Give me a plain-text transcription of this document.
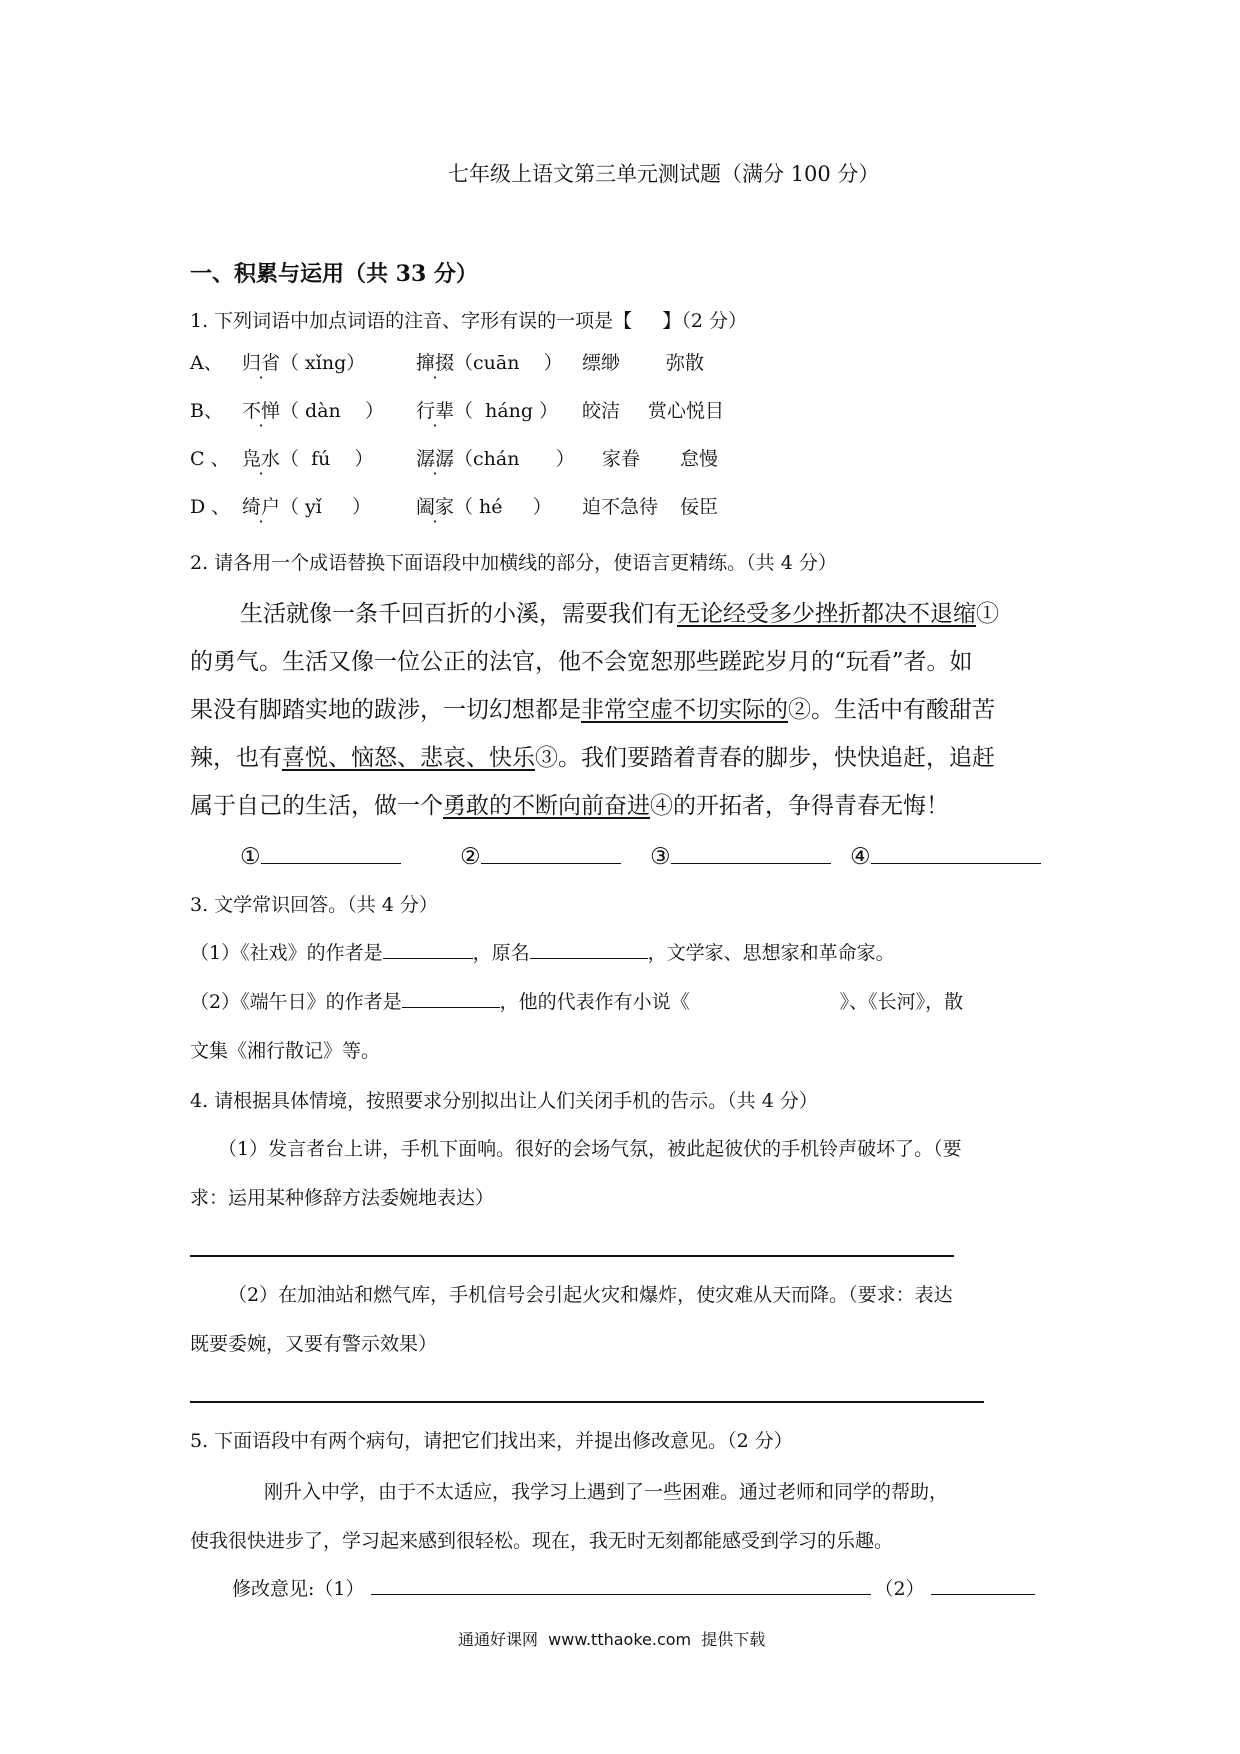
七年级上语文第三单元测试题（满分 100 分）
一、积累与运用（共 33 分）
1. 下列词语中加点词语的注音、字形有误的一项是【     】（2 分）
A、 归省（ xǐng）	撺掇（cuān    ） 缥缈 弥散
B、 不惮（ dàn    ） 行辈（  háng ） 皎洁 赏心悦目
C 、 凫水（  fú    ） 潺潺（chán      ） 家眷 怠慢
D 、 绮户（ yǐ     ） 阖家（ hé     ） 迫不急待 佞臣
2. 请各用一个成语替换下面语段中加横线的部分，使语言更精练。（共 4 分）
生活就像一条千回百折的小溪，需要我们有无论经受多少挫折都决不退缩①
的勇气。生活又像一位公正的法官，他不会宽恕那些蹉跎岁月的“玩看”者。如
果没有脚踏实地的跋涉，一切幻想都是非常空虚不切实际的②。生活中有酸甜苦
辣，也有喜悦、恼怒、悲哀、快乐③。我们要踏着青春的脚步，快快追赶，追赶
属于自己的生活，做一个勇敢的不断向前奋进④的开拓者，争得青春无悔！
①	②	③	④
3. 文学常识回答。（共 4 分）
（1）《社戏》的作者是	，原名	，文学家、思想家和革命家。
（2）《端午日》的作者是	，他的代表作有小说《	》、《长河》，散
文集《湘行散记》等。
4. 请根据具体情境，按照要求分别拟出让人们关闭手机的告示。（共 4 分）
（1）发言者台上讲，手机下面响。很好的会场气氛，被此起彼伏的手机铃声破坏了。（要
求：运用某种修辞方法委婉地表达）
（2）在加油站和燃气库，手机信号会引起火灾和爆炸，使灾难从天而降。（要求：表达
既要委婉，又要有警示效果）
5. 下面语段中有两个病句，请把它们找出来，并提出修改意见。（2 分）
刚升入中学，由于不太适应，我学习上遇到了一些困难。通过老师和同学的帮助，
使我很快进步了，学习起来感到很轻松。现在，我无时无刻都能感受到学习的乐趣。
修改意见:（1）	（2）
通通好课网  www.tthaoke.com  提供下载
